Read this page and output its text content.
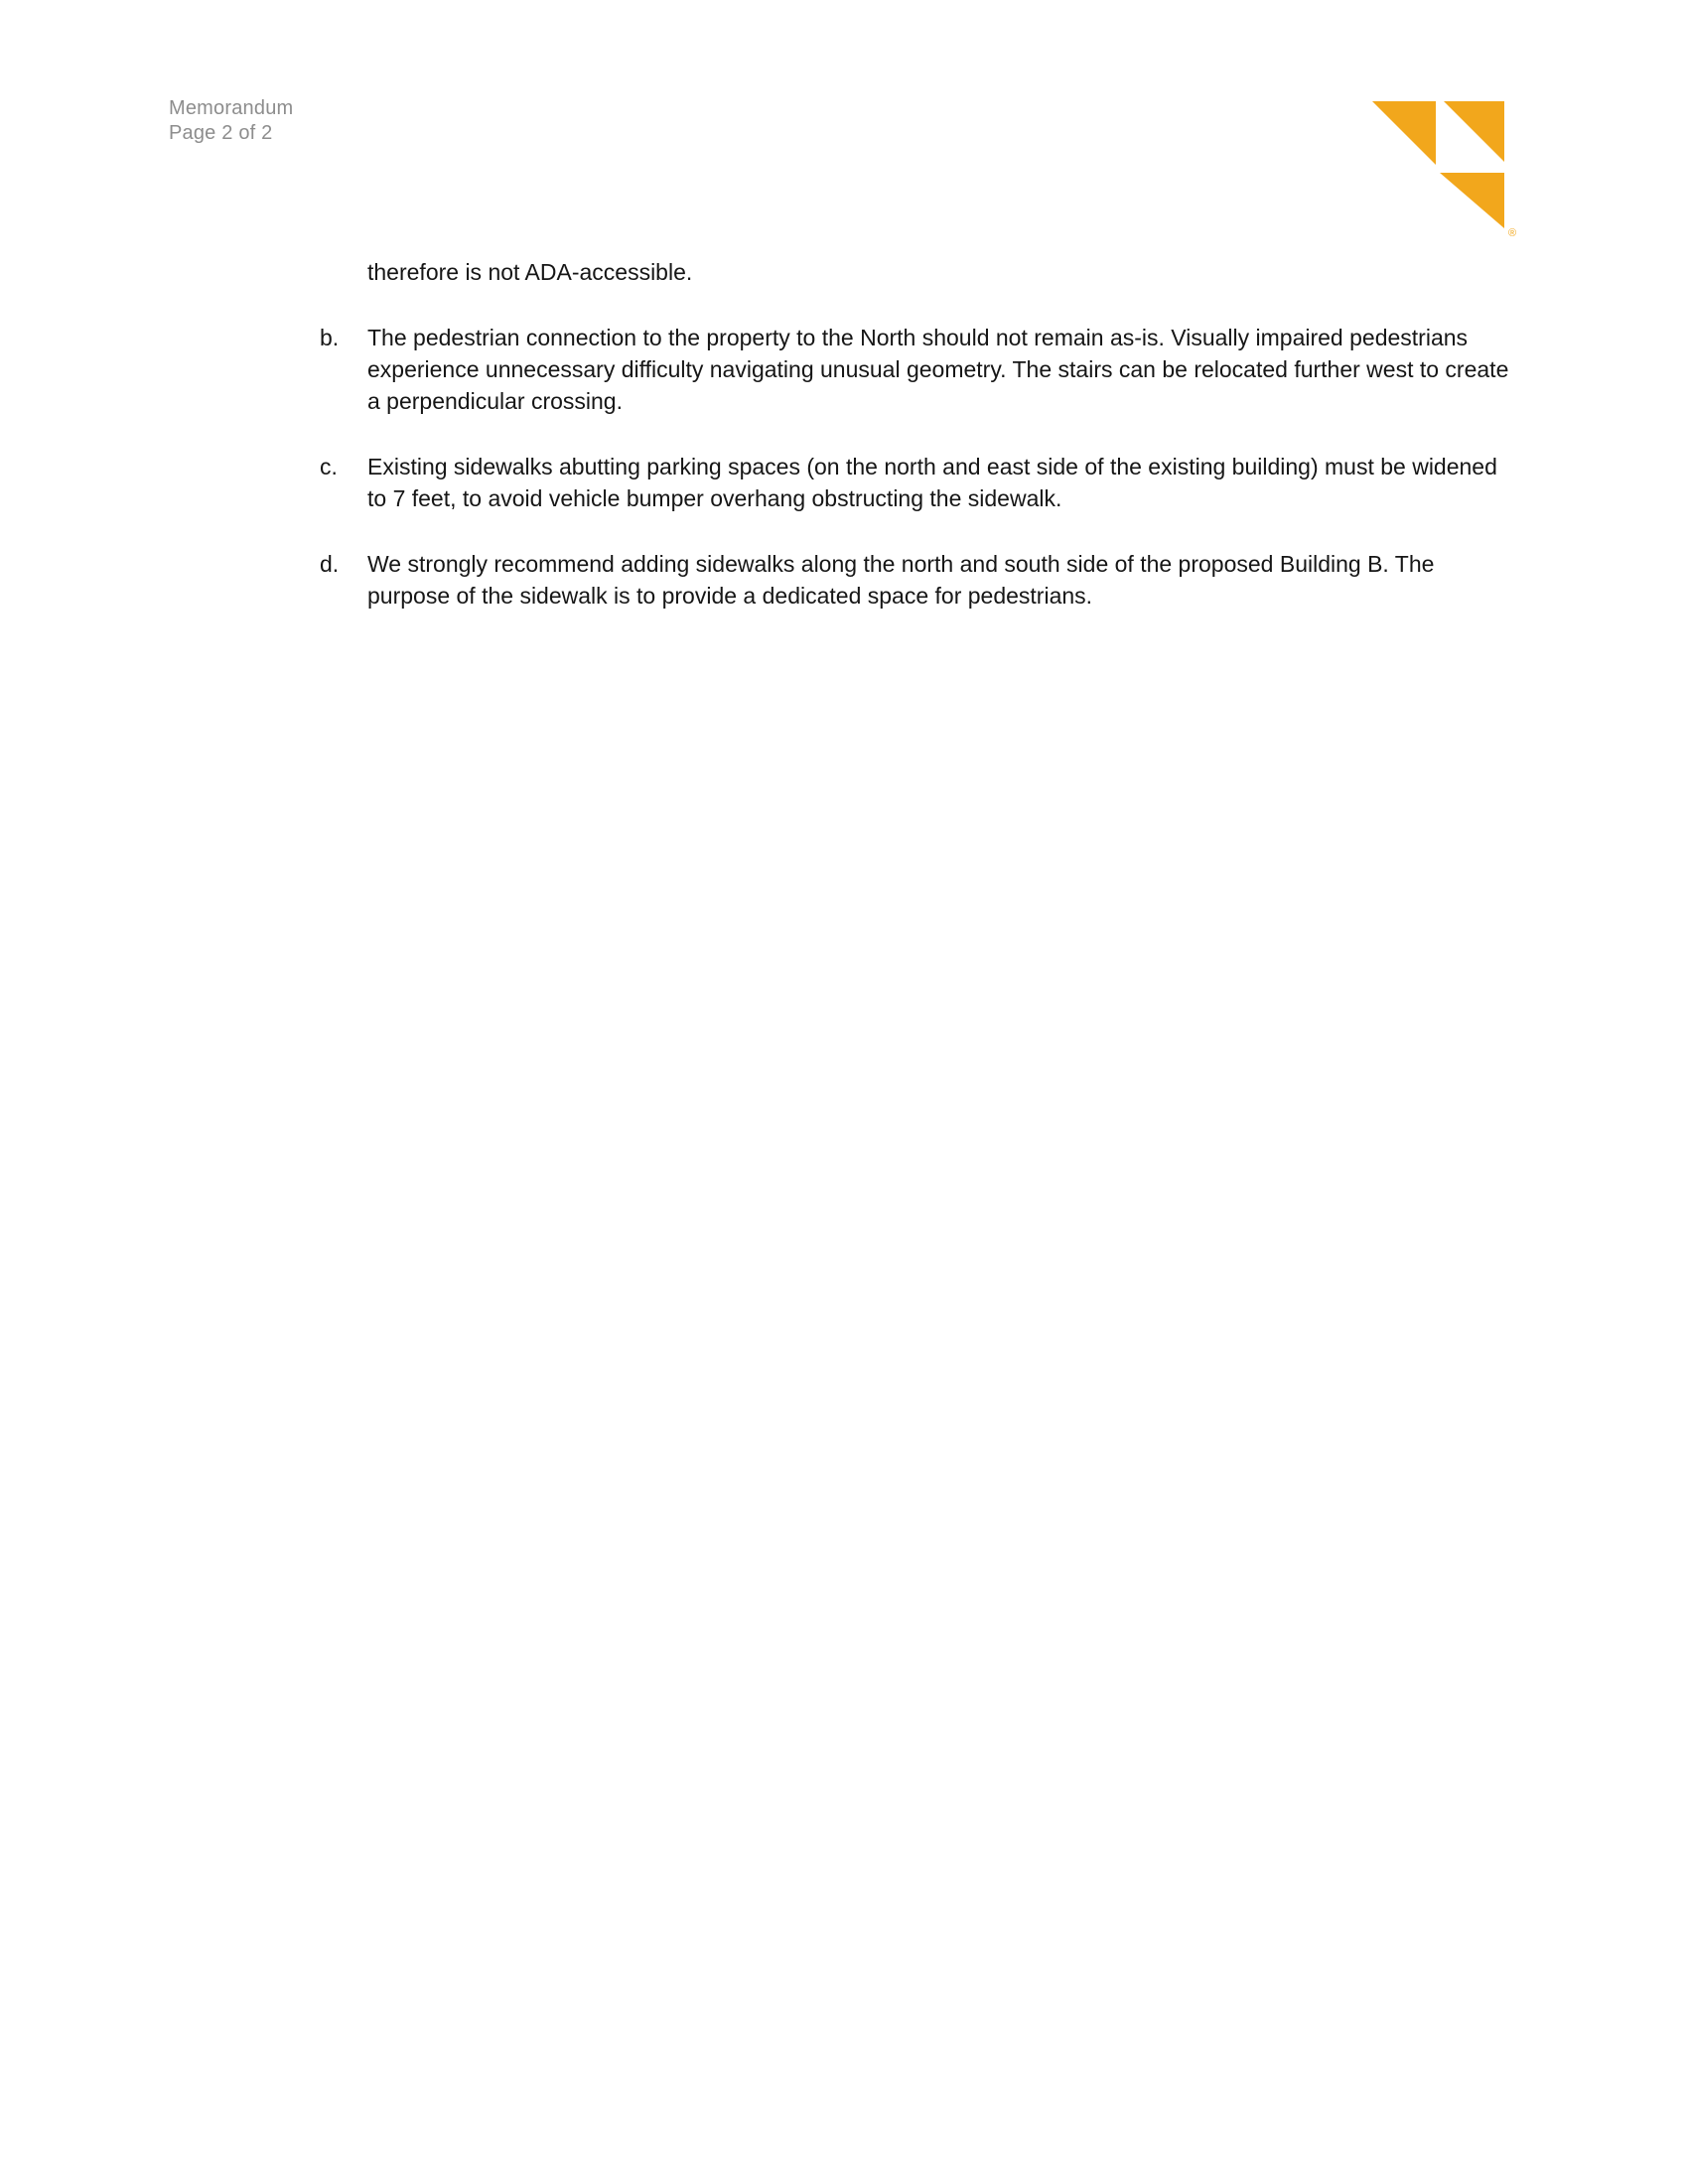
Memorandum
Page 2 of 2
®

therefore is not ADA-accessible.

b.	The pedestrian connection to the property to the North should not remain as-is. Visually impaired pedestrians experience unnecessary difficulty navigating unusual geometry. The stairs can be relocated further west to create a perpendicular crossing.
c.	Existing sidewalks abutting parking spaces (on the north and east side of the existing building) must be widened to 7 feet, to avoid vehicle bumper overhang obstructing the sidewalk.
d.	We strongly recommend adding sidewalks along the north and south side of the proposed Building B. The purpose of the sidewalk is to provide a dedicated space for pedestrians.
